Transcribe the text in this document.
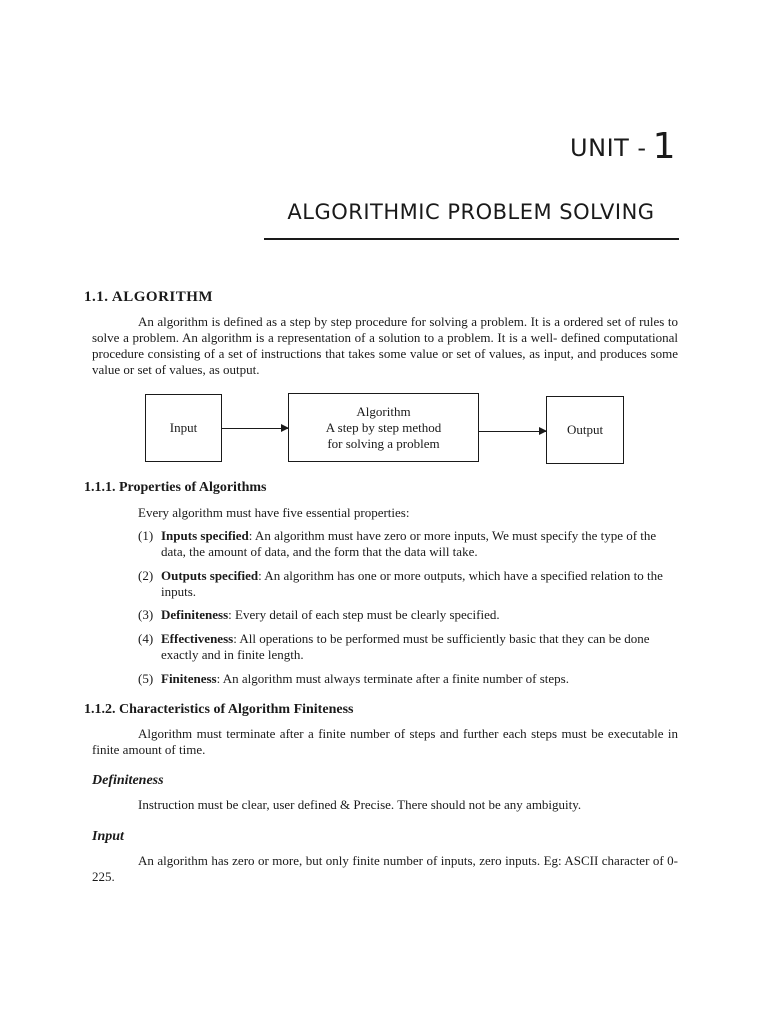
UNIT - 1
ALGORITHMIC PROBLEM SOLVING
1.1. ALGORITHM

An algorithm is defined as a step by step procedure for solving a problem. It is a ordered set of rules to solve a problem. An algorithm is a representation of a solution to a problem. It is a well- defined computational procedure consisting of a set of instructions that takes some value or set of values, as input, and produces some value or set of values, as output.

Input
Algorithm
A step by step method
for solving a problem
Output
1.1.1. Properties of Algorithms
Every algorithm must have five essential properties:
(1) Inputs specified: An algorithm must have zero or more inputs, We must specify the type of the data, the amount of data, and the form that the data will take.
(2) Outputs specified: An algorithm has one or more outputs, which have a specified relation to the inputs.
(3) Definiteness: Every detail of each step must be clearly specified.
(4) Effectiveness: All operations to be performed must be sufficiently basic that they can be done exactly and in finite length.
(5) Finiteness: An algorithm must always terminate after a finite number of steps.
1.1.2. Characteristics of Algorithm Finiteness

Algorithm must terminate after a finite number of steps and further each steps must be executable in finite amount of time.

Definiteness
Instruction must be clear, user defined & Precise. There should not be any ambiguity.
Input

An algorithm has zero or more, but only finite number of inputs, zero inputs. Eg: ASCII character of 0-225.
